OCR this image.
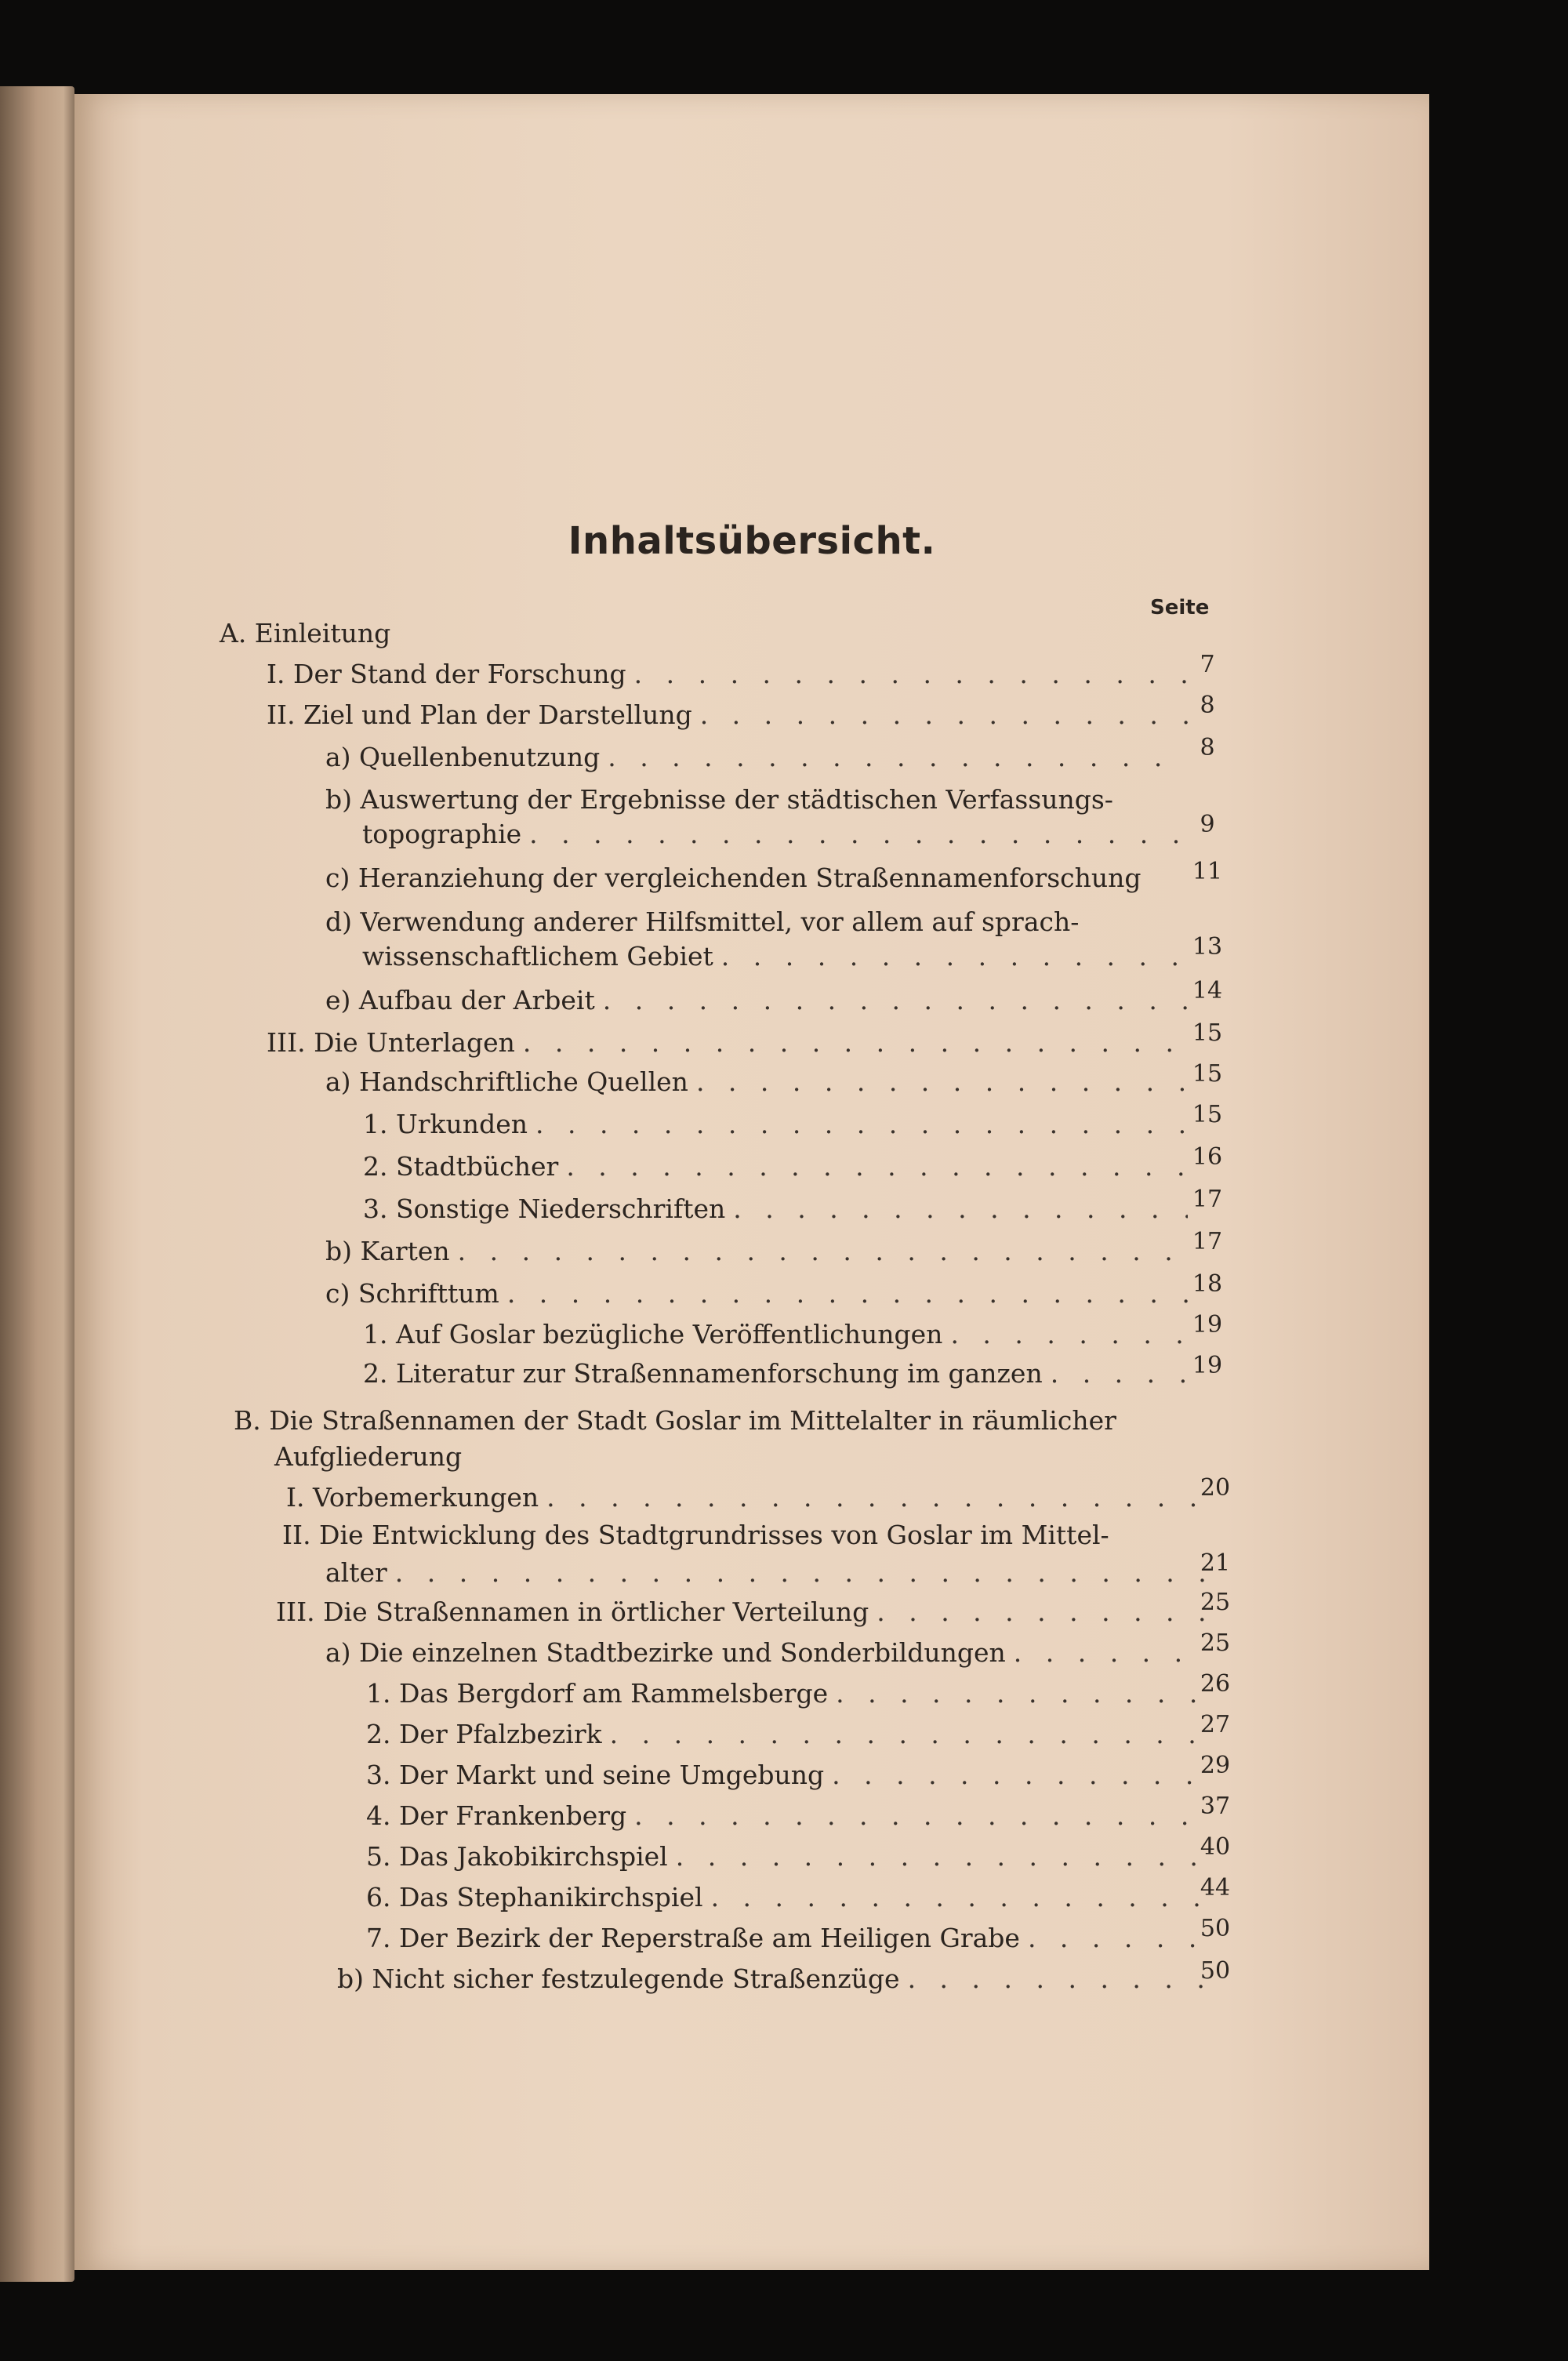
Inhaltsübersicht.
Seite
A. Einleitung
I. Der Stand der Forschung . . .	7
II. Ziel und Plan der Darstellung . . .	8
a) Quellenbenutzung . . .	8
b) Auswertung der Ergebnisse der städtischen Verfassungs-
topographie . . .	9
c) Heranziehung der vergleichenden Straßennamenforschung	11
d) Verwendung anderer Hilfsmittel, vor allem auf sprach-
wissenschaftlichem Gebiet . . .	13
e) Aufbau der Arbeit . . .	14
III. Die Unterlagen . . .	15
a) Handschriftliche Quellen . . .	15
1. Urkunden . . .	15
2. Stadtbücher . . .	16
3. Sonstige Niederschriften . . .	17
b) Karten . . .	17
c) Schrifttum . . .	18
1. Auf Goslar bezügliche Veröffentlichungen . . .	19
2. Literatur zur Straßennamenforschung im ganzen . . .	19
B. Die Straßennamen der Stadt Goslar im Mittelalter in räumlicher
Aufgliederung
I. Vorbemerkungen . . .	20
II. Die Entwicklung des Stadtgrundrisses von Goslar im Mittel-
alter . . .	21
III. Die Straßennamen in örtlicher Verteilung . . .	25
a) Die einzelnen Stadtbezirke und Sonderbildungen . . .	25
1. Das Bergdorf am Rammelsberge . . .	26
2. Der Pfalzbezirk . . .	27
3. Der Markt und seine Umgebung . . .	29
4. Der Frankenberg . . .	37
5. Das Jakobikirchspiel . . .	40
6. Das Stephanikirchspiel . . .	44
7. Der Bezirk der Reperstraße am Heiligen Grabe . . .	50
b) Nicht sicher festzulegende Straßenzüge . . .	50
